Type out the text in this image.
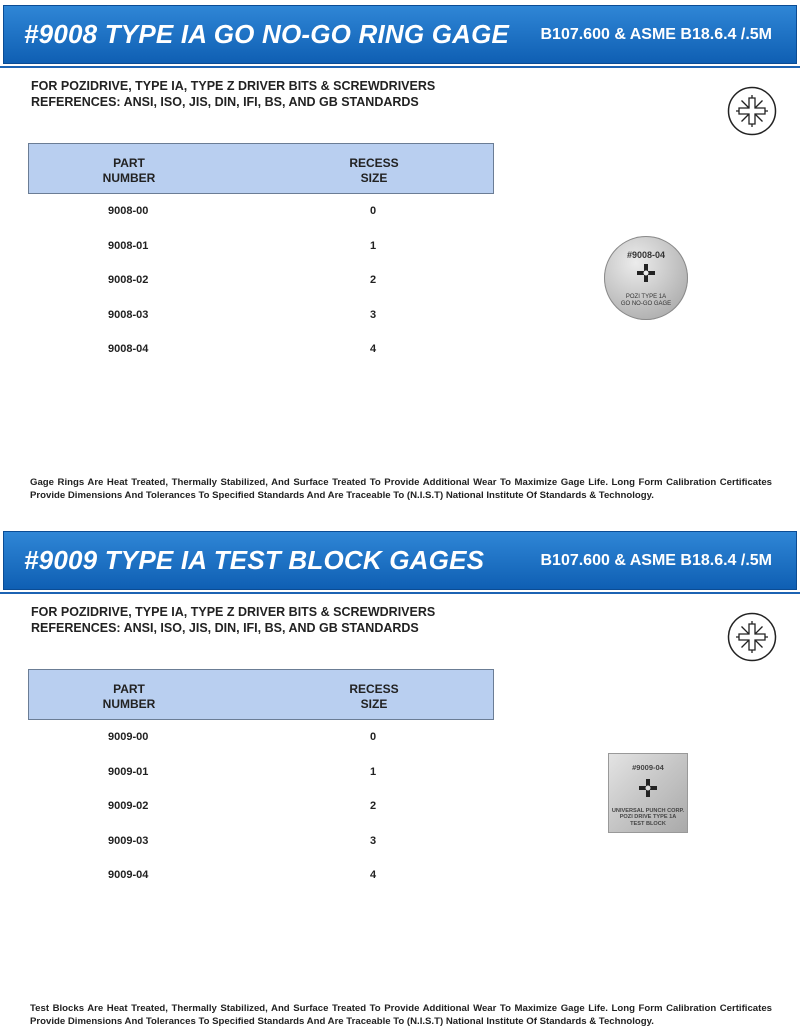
#9008 TYPE IA GO NO-GO RING GAGE B107.600 & ASME B18.6.4 /.5M
FOR POZIDRIVE, TYPE IA, TYPE Z DRIVER BITS & SCREWDRIVERS
REFERENCES: ANSI, ISO, JIS, DIN, IFI, BS, AND GB STANDARDS
PART
NUMBER
RECESS
SIZE
9008-00	0
9008-01	1
9008-02	2
9008-03	3
9008-04	4
#9008-04
POZI TYPE 1A
GO NO-GO GAGE
Gage Rings Are Heat Treated, Thermally Stabilized, And Surface Treated To Provide Additional Wear To Maximize Gage Life. Long Form Calibration Certificates Provide Dimensions And Tolerances To Specified Standards And Are Traceable To (N.I.S.T) National Institute Of Standards & Technology.
#9009 TYPE IA TEST BLOCK GAGES	B107.600 & ASME B18.6.4 /.5M
FOR POZIDRIVE, TYPE IA, TYPE Z DRIVER BITS & SCREWDRIVERS
REFERENCES: ANSI, ISO, JIS, DIN, IFI, BS, AND GB STANDARDS
PART
NUMBER
RECESS
SIZE
9009-00	0
9009-01	1
9009-02	2
9009-03	3
9009-04	4
Test Blocks Are Heat Treated, Thermally Stabilized, And Surface Treated To Provide Additional Wear To Maximize Gage Life. Long Form Calibration Certificates Provide Dimensions And Tolerances To Specified Standards And Are Traceable To (N.I.S.T) National Institute Of Standards & Technology.
#9009-04
UNIVERSAL PUNCH CORP.
POZI DRIVE TYPE 1A
TEST BLOCK
